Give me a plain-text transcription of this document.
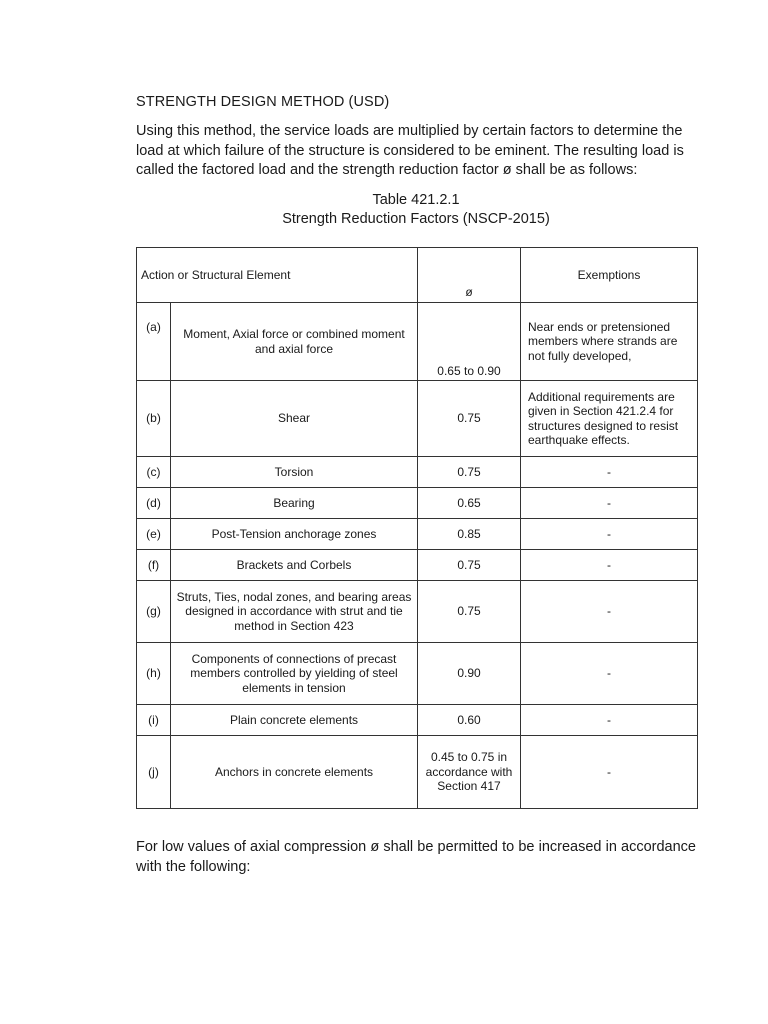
STRENGTH DESIGN METHOD (USD)

Using this method, the service loads are multiplied by certain factors to determine the load at which failure of the structure is considered to be eminent. The resulting load is called the factored load and the strength reduction factor ø shall be as follows:

Table 421.2.1
Strength Reduction Factors (NSCP-2015)
Action or Structural Element		ø	Exemptions
(a)	Moment, Axial force or combined moment and axial force	0.65 to 0.90	Near ends or pretensioned members where strands are not fully developed,
(b)	Shear	0.75	Additional requirements are given in Section 421.2.4 for structures designed to resist earthquake effects.
(c)	Torsion	0.75	-
(d)	Bearing	0.65	-
(e)	Post-Tension anchorage zones	0.85	-
(f)	Brackets and Corbels	0.75	-
(g)	Struts, Ties, nodal zones, and bearing areas designed in accordance with strut and tie method in Section 423	0.75	-
(h)	Components of connections of precast members controlled by yielding of steel elements in tension	0.90	-
(i)	Plain concrete elements	0.60	-
(j)	Anchors in concrete elements	0.45 to 0.75 in accordance with Section 417	-

For low values of axial compression ø shall be permitted to be increased in accordance with the following:
